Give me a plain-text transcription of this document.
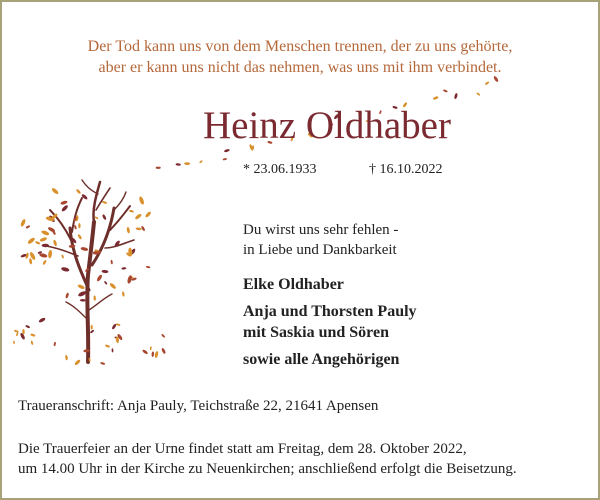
Der Tod kann uns von dem Menschen trennen, der zu uns gehörte,
aber er kann uns nicht das nehmen, was uns mit ihm verbindet.
Heinz Oldhaber
* 23.06.1933	† 16.10.2022
Du wirst uns sehr fehlen -
in Liebe und Dankbarkeit
Elke Oldhaber
Anja und Thorsten Pauly
mit Saskia und Sören
sowie alle Angehörigen
Traueranschrift: Anja Pauly, Teichstraße 22, 21641 Apensen
Die Trauerfeier an der Urne findet statt am Freitag, dem 28. Oktober 2022,
um 14.00 Uhr in der Kirche zu Neuenkirchen; anschließend erfolgt die Beisetzung.
